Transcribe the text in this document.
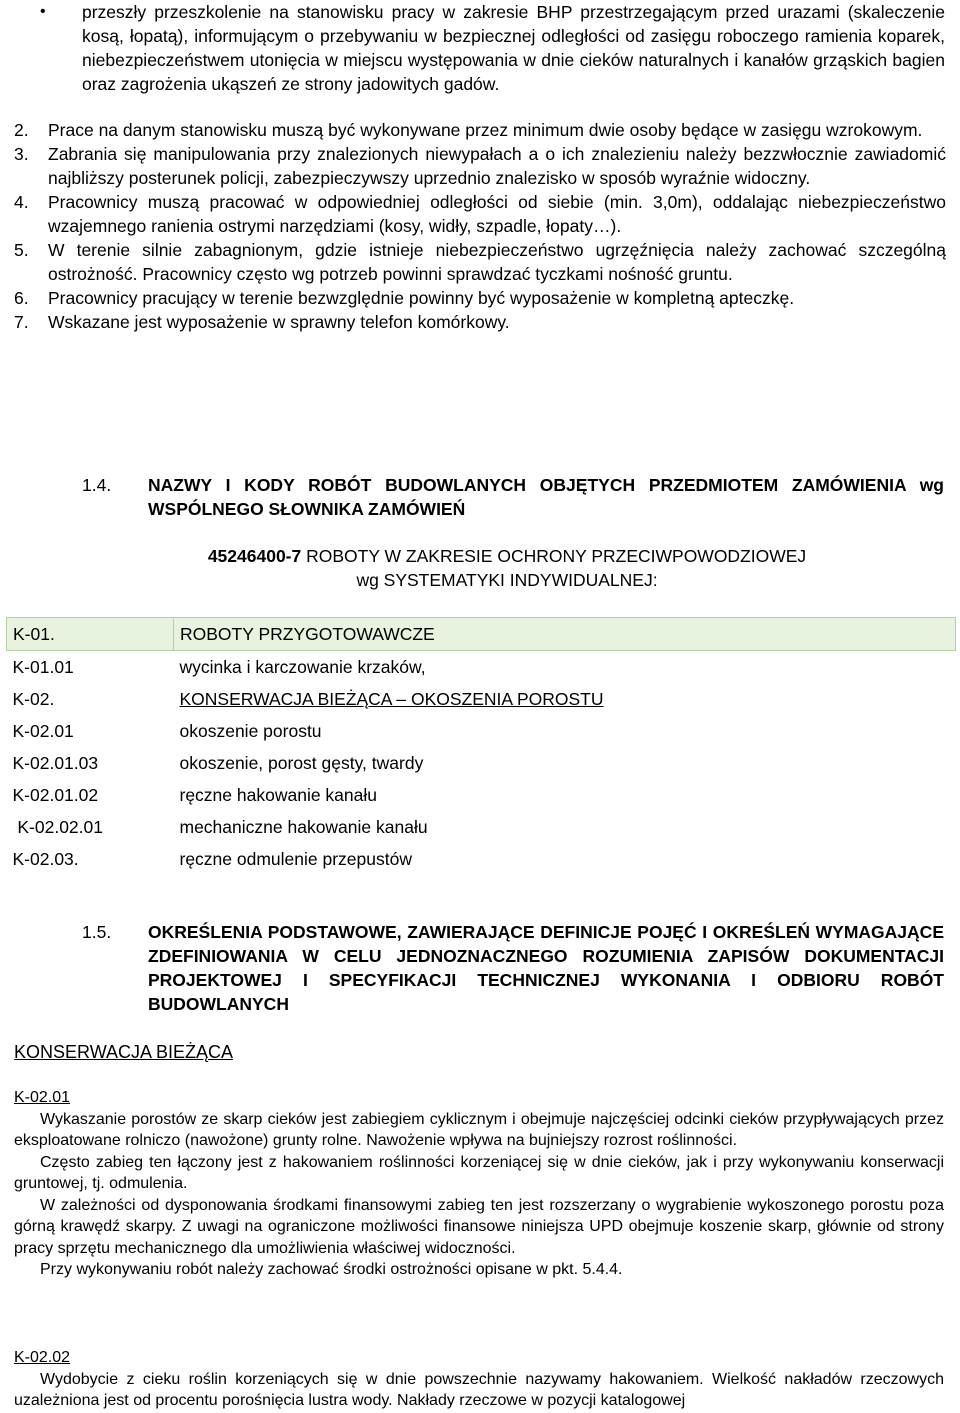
•	przeszły przeszkolenie na stanowisku pracy w zakresie BHP przestrzegającym przed urazami (skaleczenie kosą, łopatą), informującym o przebywaniu w bezpiecznej odległości od zasięgu roboczego ramienia koparek, niebezpieczeństwem utonięcia w miejscu występowania w dnie cieków naturalnych i kanałów grząskich bagien oraz zagrożenia ukąszeń ze strony jadowitych gadów.
2.	Prace na danym stanowisku muszą być wykonywane przez minimum dwie osoby będące w zasięgu wzrokowym.
3.	Zabrania się manipulowania przy znalezionych niewypałach a o ich znalezieniu należy bezzwłocznie zawiadomić najbliższy posterunek policji, zabezpieczywszy uprzednio znalezisko w sposób wyraźnie widoczny.
4.	Pracownicy muszą pracować w odpowiedniej odległości od siebie (min. 3,0m), oddalając niebezpieczeństwo wzajemnego ranienia ostrymi narzędziami (kosy, widły, szpadle, łopaty…).
5.	W terenie silnie zabagnionym, gdzie istnieje niebezpieczeństwo ugrzęźnięcia należy zachować szczególną ostrożność. Pracownicy często wg potrzeb powinni sprawdzać tyczkami nośność gruntu.
6.	Pracownicy pracujący w terenie bezwzględnie powinny być wyposażenie w kompletną apteczkę.
7.	Wskazane jest wyposażenie w sprawny telefon komórkowy.
1.4.	NAZWY I KODY ROBÓT BUDOWLANYCH OBJĘTYCH PRZEDMIOTEM ZAMÓWIENIA wg WSPÓLNEGO SŁOWNIKA ZAMÓWIEŃ
45246400-7 ROBOTY W ZAKRESIE OCHRONY PRZECIWPOWODZIOWEJ
wg SYSTEMATYKI INDYWIDUALNEJ:
K-01.	ROBOTY PRZYGOTOWAWCZE
K-01.01	wycinka i karczowanie krzaków,
K-02.	KONSERWACJA BIEŻĄCA – OKOSZENIA POROSTU
K-02.01	okoszenie porostu
K-02.01.03	okoszenie, porost gęsty, twardy
K-02.01.02	ręczne hakowanie kanału
K-02.02.01	mechaniczne hakowanie kanału
K-02.03.	ręczne odmulenie przepustów
1.5.	OKREŚLENIA PODSTAWOWE, ZAWIERAJĄCE DEFINICJE POJĘĆ I OKREŚLEŃ WYMAGAJĄCE ZDEFINIOWANIA W CELU JEDNOZNACZNEGO ROZUMIENIA ZAPISÓW DOKUMENTACJI PROJEKTOWEJ I SPECYFIKACJI TECHNICZNEJ WYKONANIA I ODBIORU ROBÓT BUDOWLANYCH
KONSERWACJA BIEŻĄCA
K-02.01
Wykaszanie porostów ze skarp cieków jest zabiegiem cyklicznym i obejmuje najczęściej odcinki cieków przypływających przez eksploatowane rolniczo (nawożone) grunty rolne. Nawożenie wpływa na bujniejszy rozrost roślinności.
Często zabieg ten łączony jest z hakowaniem roślinności korzeniącej się w dnie cieków, jak i przy wykonywaniu konserwacji gruntowej, tj. odmulenia.
W zależności od dysponowania środkami finansowymi zabieg ten jest rozszerzany o wygrabienie wykoszonego porostu poza górną krawędź skarpy. Z uwagi na ograniczone możliwości finansowe niniejsza UPD obejmuje koszenie skarp, głównie od strony pracy sprzętu mechanicznego dla umożliwienia właściwej widoczności.
Przy wykonywaniu robót należy zachować środki ostrożności opisane w pkt. 5.4.4.
K-02.02
Wydobycie z cieku roślin korzeniących się w dnie powszechnie nazywamy hakowaniem. Wielkość nakładów rzeczowych uzależniona jest od procentu porośnięcia lustra wody. Nakłady rzeczowe w pozycji katalogowej
